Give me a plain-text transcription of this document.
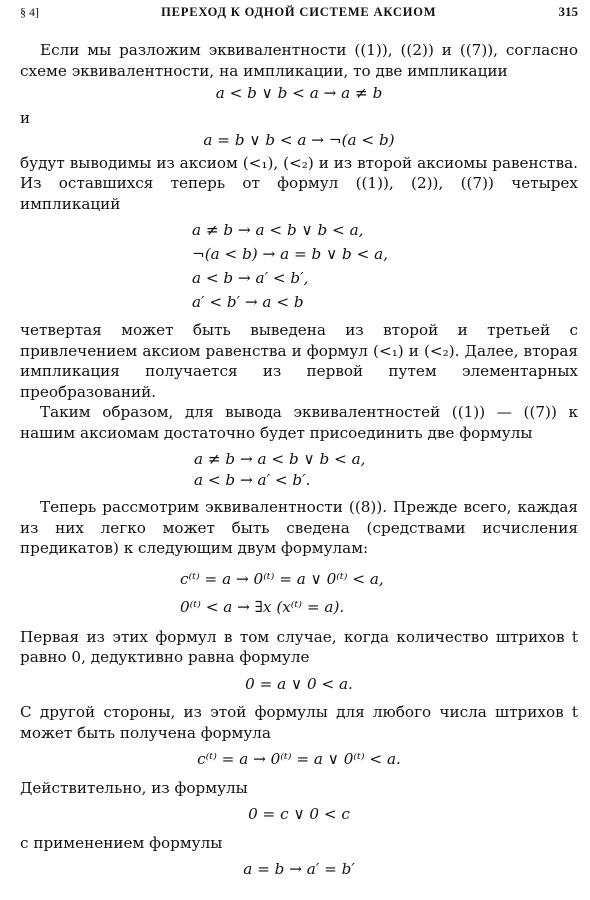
§ 4]	ПЕРЕХОД К ОДНОЙ СИСТЕМЕ АКСИОМ	315

Если мы разложим эквивалентности ((1)), ((2)) и ((7)), согласно схеме эквивалентности, на импликации, то две импликации

a < b ∨ b < a → a ≠ b
и
a = b ∨ b < a → ¬(a < b)

будут выводимы из аксиом (<₁), (<₂) и из второй аксиомы равенства. Из оставшихся теперь от формул ((1)), (2)), ((7)) четырех импликаций

a ≠ b → a < b ∨ b < a,
¬(a < b) → a = b ∨ b < a,
a < b → a′ < b′,
a′ < b′ → a < b

четвертая может быть выведена из второй и третьей с привлечением аксиом равенства и формул (<₁) и (<₂). Далее, вторая импликация получается из первой путем элементарных преобразований.

Таким образом, для вывода эквивалентностей ((1)) — ((7)) к нашим аксиомам достаточно будет присоединить две формулы

a ≠ b → a < b ∨ b < a,
a < b → a′ < b′.

Теперь рассмотрим эквивалентности ((8)). Прежде всего, каждая из них легко может быть сведена (средствами исчисления предикатов) к следующим двум формулам:

c⁽ᵗ⁾ = a → 0⁽ᵗ⁾ = a ∨ 0⁽ᵗ⁾ < a,
0⁽ᵗ⁾ < a → ∃x (x⁽ᵗ⁾ = a).

Первая из этих формул в том случае, когда количество штрихов t равно 0, дедуктивно равна формуле

0 = a ∨ 0 < a.

С другой стороны, из этой формулы для любого числа штрихов t может быть получена формула

c⁽ᵗ⁾ = a → 0⁽ᵗ⁾ = a ∨ 0⁽ᵗ⁾ < a.

Действительно, из формулы

0 = c ∨ 0 < c

с применением формулы

a = b → a′ = b′
